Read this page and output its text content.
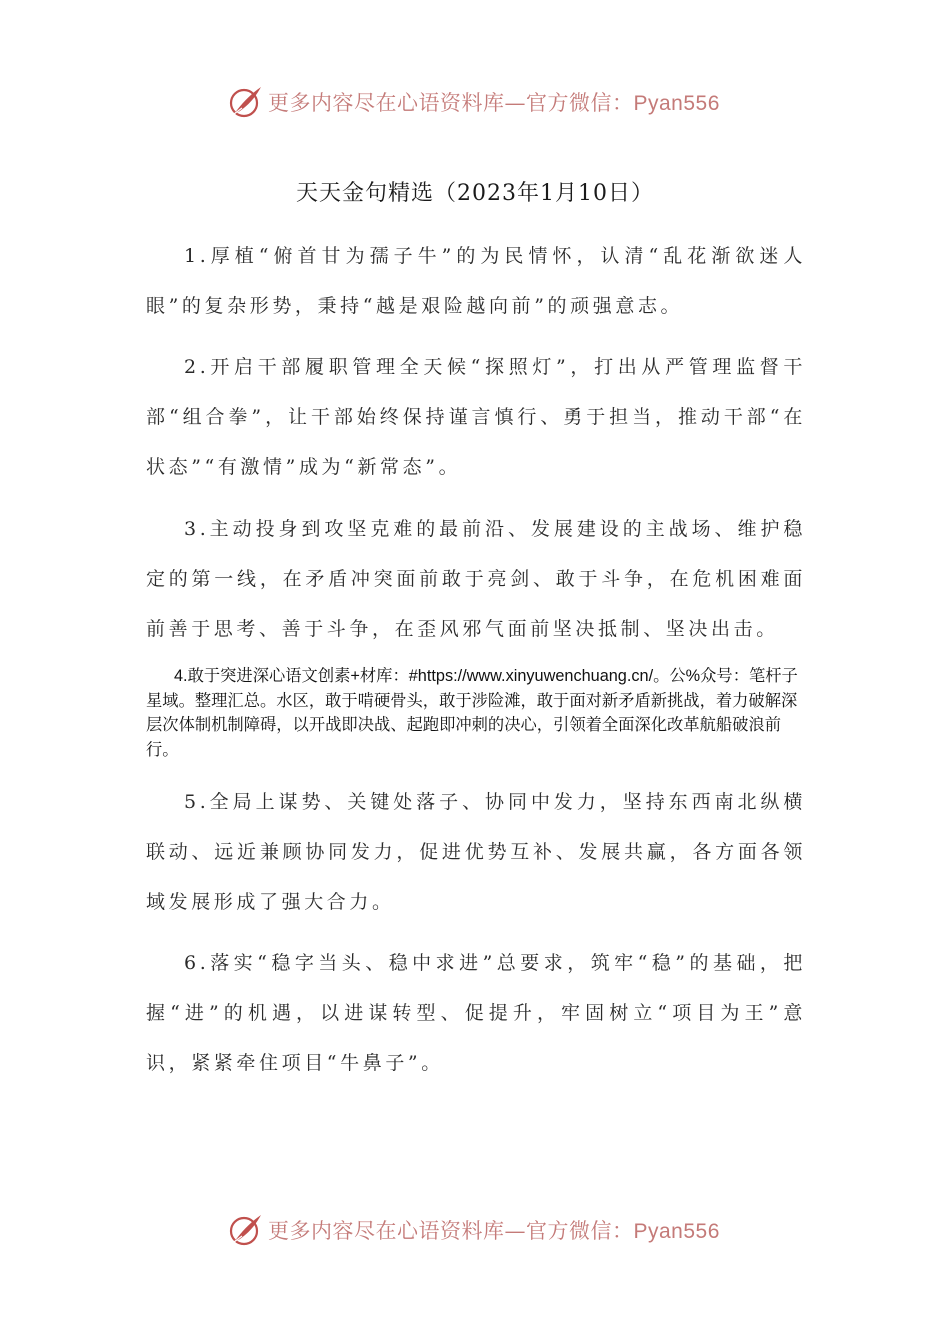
更多内容尽在心语资料库—官方微信：Pyan556
天天金句精选（2023年1月10日）

1.厚植“俯首甘为孺子牛”的为民情怀，认清“乱花渐欲迷人眼”的复杂形势，秉持“越是艰险越向前”的顽强意志。

2.开启干部履职管理全天候“探照灯”，打出从严管理监督干部“组合拳”，让干部始终保持谨言慎行、勇于担当，推动干部“在状态”“有激情”成为“新常态”。

3.主动投身到攻坚克难的最前沿、发展建设的主战场、维护稳定的第一线，在矛盾冲突面前敢于亮剑、敢于斗争，在危机困难面前善于思考、善于斗争，在歪风邪气面前坚决抵制、坚决出击。

4.敢于突进深心语文创素+材库：#https://www.xinyuwenchuang.cn/。公%众号：笔杆子星域。整理汇总。水区，敢于啃硬骨头，敢于涉险滩，敢于面对新矛盾新挑战，着力破解深层次体制机制障碍，以开战即决战、起跑即冲刺的决心，引领着全面深化改革航船破浪前行。

5.全局上谋势、关键处落子、协同中发力，坚持东西南北纵横联动、远近兼顾协同发力，促进优势互补、发展共赢，各方面各领域发展形成了强大合力。

6.落实“稳字当头、稳中求进”总要求，筑牢“稳”的基础，把握“进”的机遇，以进谋转型、促提升，牢固树立“项目为王”意识，紧紧牵住项目“牛鼻子”。

更多内容尽在心语资料库—官方微信：Pyan556
